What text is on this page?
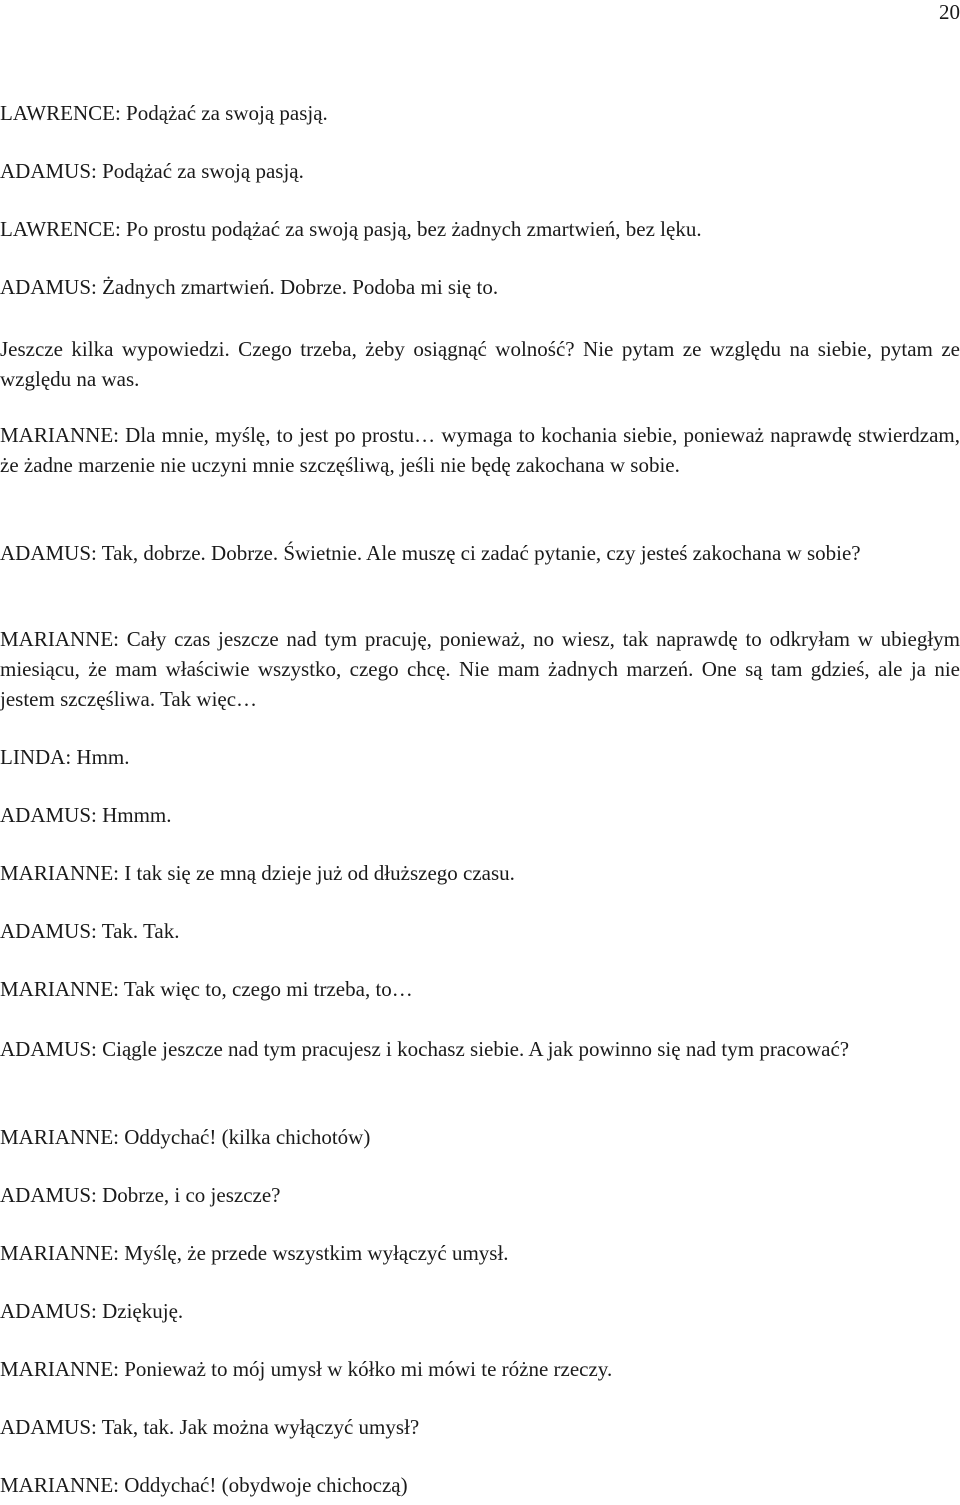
20

LAWRENCE: Podążać za swoją pasją.

ADAMUS: Podążać za swoją pasją.

LAWRENCE: Po prostu podążać za swoją pasją, bez żadnych zmartwień, bez lęku.

ADAMUS: Żadnych zmartwień. Dobrze. Podoba mi się to.

Jeszcze kilka wypowiedzi. Czego trzeba, żeby osiągnąć wolność? Nie pytam ze względu na siebie, pytam ze względu na was.

MARIANNE: Dla mnie, myślę, to jest po prostu… wymaga to kochania siebie, ponieważ naprawdę stwierdzam, że żadne marzenie nie uczyni mnie szczęśliwą, jeśli nie będę zakochana w sobie.

ADAMUS: Tak, dobrze. Dobrze. Świetnie. Ale muszę ci zadać pytanie, czy jesteś zakochana w sobie?

MARIANNE: Cały czas jeszcze nad tym pracuję, ponieważ, no wiesz, tak naprawdę to odkryłam w ubiegłym miesiącu, że mam właściwie wszystko, czego chcę. Nie mam żadnych marzeń. One są tam gdzieś, ale ja nie jestem szczęśliwa. Tak więc…

LINDA: Hmm.

ADAMUS: Hmmm.

MARIANNE: I tak się ze mną dzieje już od dłuższego czasu.

ADAMUS: Tak. Tak.

MARIANNE: Tak więc to, czego mi trzeba, to…

ADAMUS: Ciągle jeszcze nad tym pracujesz i kochasz siebie. A jak powinno się nad tym pracować?

MARIANNE: Oddychać! (kilka chichotów)

ADAMUS: Dobrze, i co jeszcze?

MARIANNE: Myślę, że przede wszystkim wyłączyć umysł.

ADAMUS: Dziękuję.

MARIANNE: Ponieważ to mój umysł w kółko mi mówi te różne rzeczy.

ADAMUS: Tak, tak. Jak można wyłączyć umysł?

MARIANNE: Oddychać! (obydwoje chichoczą)
